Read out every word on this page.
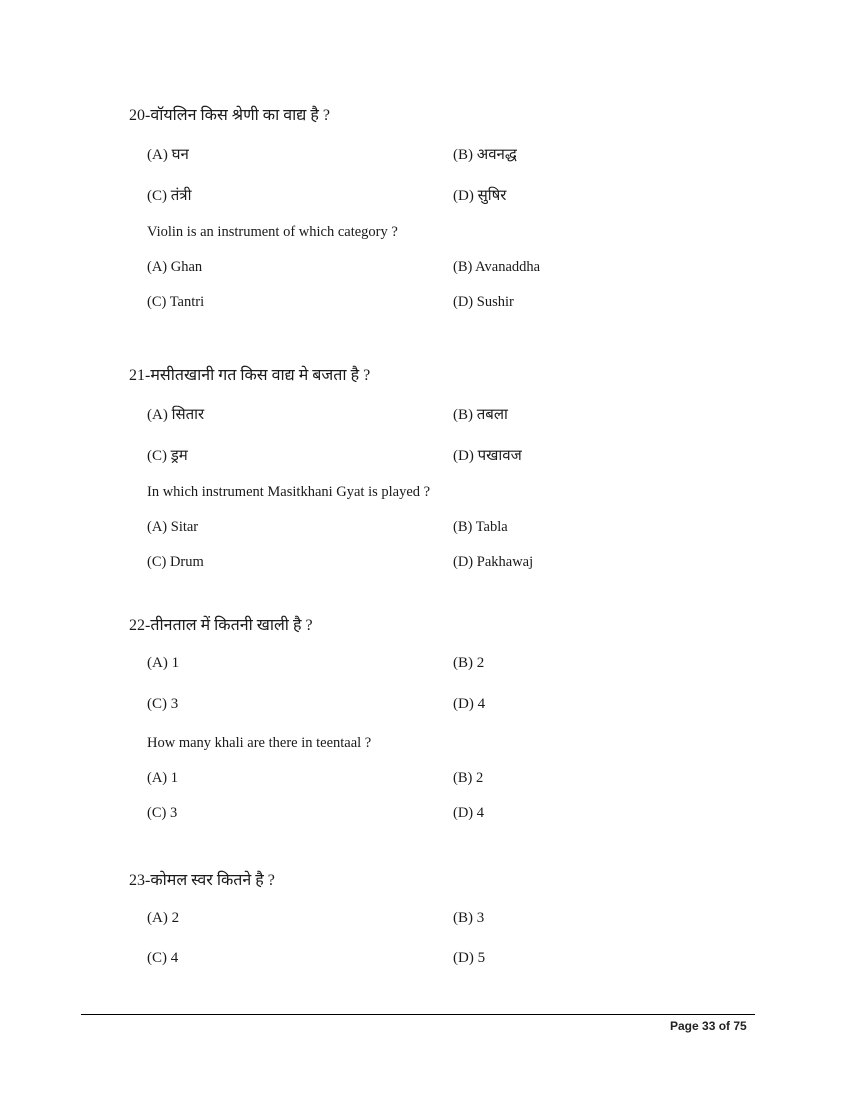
20-वॉयलिन किस श्रेणी का वाद्य है ?
(A) घन	(B) अवनद्ध
(C) तंत्री	(D) सुषिर
Violin is an instrument of which category ?
(A) Ghan	(B) Avanaddha
(C) Tantri	(D) Sushir
21-मसीतखानी गत किस वाद्य मे बजता है ?
(A) सितार	(B) तबला
(C) ड्रम	(D) पखावज
In which instrument Masitkhani Gyat is played ?
(A) Sitar	(B) Tabla
(C) Drum	(D) Pakhawaj
22-तीनताल में कितनी खाली है ?
(A) 1	(B) 2
(C) 3	(D) 4
How many khali are there in teentaal ?
(A) 1	(B) 2
(C) 3	(D) 4
23-कोमल स्वर कितने है ?
(A) 2	(B) 3
(C) 4	(D) 5
Page 33 of 75
